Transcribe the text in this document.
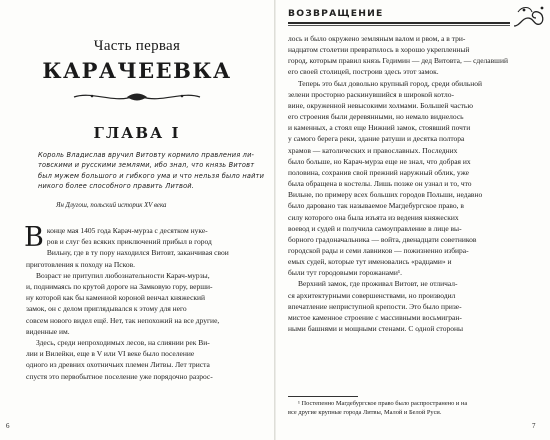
Часть первая
КАРАЧЕЕВКА
ГЛАВА I
Король Владислав вручил Витовту кормило правления ли-
товскими и русскими землями, ибо знал, что князь Витовт
был мужем большого и гибкого ума и что нельзя было найти
никого более способного править Литвой.
Ян Длугош, польский историк XV века
В конце мая 1405 года Карач-мурза с десятком нуке-
ров и слуг без всяких приключений прибыл в город
Вильну, где в ту пору находился Витовт, заканчивая свои
приготовления к походу на Псков.
Возраст не притупил любознательности Карач-мурзы,
и, поднимаясь по крутой дороге на Замковую гору, верши-
ну которой как бы каменной короной венчал княжеский
замок, он с делом приглядывался к этому для него
совсем нового видел ещё. Нет, так непохожий на все другие,
виденные им.
Здесь, среди непроходимых лесов, на слиянии рек Ви-
лии и Вилейки, еще в V или VI веке было поселение
одного из древних охотничьих племен Литвы. Лет триста
спустя это первобытное поселение уже порядочно разрос-
6
ВОЗВРАЩЕНИЕ
лось и было окружено земляным валом и рвом, а в три-
надцатом столетии превратилось в хорошо укрепленный
город, которым правил князь Гедимин — дед Витовта, — сделавший
его своей столицей, построив здесь этот замок.
Теперь это был довольно крупный город, среди обильной
зелени просторно раскинувшийся в широкой котло-
вине, окруженной невысокими холмами. Большей частью
его строения были деревянными, но немало виднелось
и каменных, а стоял еще Нижний замок, стоявший почти
у самого берега реки, здание ратуши и десятка полтора
храмов — католических и православных. Последних
было больше, но Карач-мурза еще не знал, что добрая их
половина, сохранив свой прежний наружный облик, уже
была обращена в костелы. Лишь позже он узнал и то, что
Вильне, по примеру всех больших городов Польши, недавно
было даровано так называемое Магдебургское право, в
силу которого она была изъята из ведения княжеских
воевод и судей и получила самоуправление в лице вы-
борного градоначальника — войта, двенадцати советников
городской рады и семи лавников — пожизненно избира-
емых судей, которые тут именовались «радцами» и
были тут городовыми горожанами¹.
Верхний замок, где проживал Витовт, не отличал-
ся архитектурными совершенствами, но производил
впечатление неприступной крепости. Это было призе-
мистое каменное строение с массивными восьмигран-
ными башнями и мощными стенами. С одной стороны
¹ Постепенно Магдебургское право было распространено и на
все другие крупные города Литвы, Малой и Белой Руси.
7
